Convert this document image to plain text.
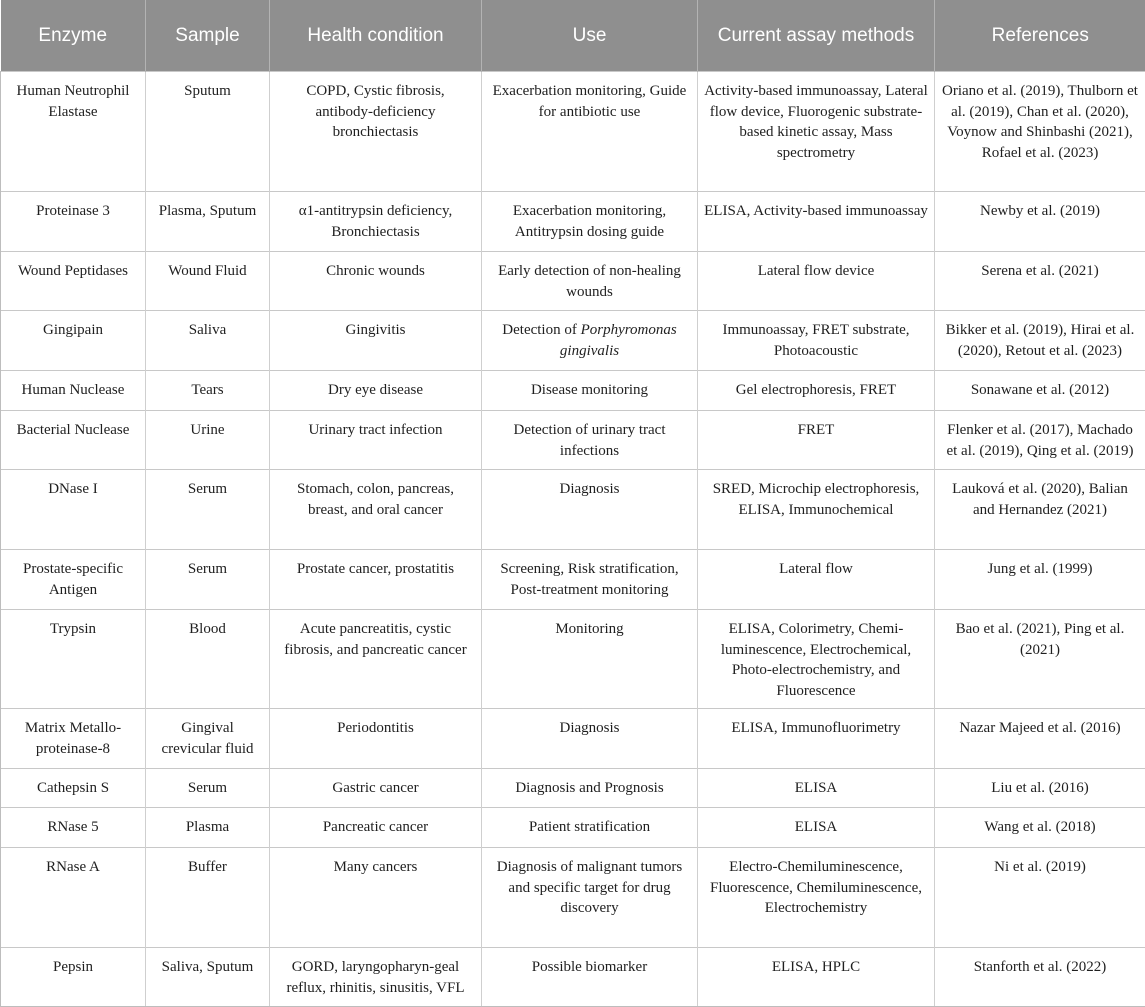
Enzyme	Sample	Health condition	Use	Current assay methods	References
Human Neutrophil Elastase	Sputum	COPD, Cystic fibrosis, antibody-deficiency bronchiectasis	Exacerbation monitoring, Guide for antibiotic use	Activity-based immunoassay, Lateral flow device, Fluorogenic substrate-based kinetic assay, Mass spectrometry	Oriano et al. (2019), Thulborn et al. (2019), Chan et al. (2020), Voynow and Shinbashi (2021), Rofael et al. (2023)
Proteinase 3	Plasma, Sputum	α1-antitrypsin deficiency, Bronchiectasis	Exacerbation monitoring, Antitrypsin dosing guide	ELISA, Activity-based immunoassay	Newby et al. (2019)
Wound Peptidases	Wound Fluid	Chronic wounds	Early detection of non-healing wounds	Lateral flow device	Serena et al. (2021)
Gingipain	Saliva	Gingivitis	Detection of Porphyromonas gingivalis	Immunoassay, FRET substrate, Photoacoustic	Bikker et al. (2019), Hirai et al. (2020), Retout et al. (2023)
Human Nuclease	Tears	Dry eye disease	Disease monitoring	Gel electrophoresis, FRET	Sonawane et al. (2012)
Bacterial Nuclease	Urine	Urinary tract infection	Detection of urinary tract infections	FRET	Flenker et al. (2017), Machado et al. (2019), Qing et al. (2019)
DNase I	Serum	Stomach, colon, pancreas, breast, and oral cancer	Diagnosis	SRED, Microchip electrophoresis, ELISA, Immunochemical	Lauková et al. (2020), Balian and Hernandez (2021)
Prostate-specific Antigen	Serum	Prostate cancer, prostatitis	Screening, Risk stratification, Post-treatment monitoring	Lateral flow	Jung et al. (1999)
Trypsin	Blood	Acute pancreatitis, cystic fibrosis, and pancreatic cancer	Monitoring	ELISA, Colorimetry, Chemi-luminescence, Electrochemical, Photo-electrochemistry, and Fluorescence	Bao et al. (2021), Ping et al. (2021)
Matrix Metallo-proteinase-8	Gingival crevicular fluid	Periodontitis	Diagnosis	ELISA, Immunofluorimetry	Nazar Majeed et al. (2016)
Cathepsin S	Serum	Gastric cancer	Diagnosis and Prognosis	ELISA	Liu et al. (2016)
RNase 5	Plasma	Pancreatic cancer	Patient stratification	ELISA	Wang et al. (2018)
RNase A	Buffer	Many cancers	Diagnosis of malignant tumors and specific target for drug discovery	Electro-Chemiluminescence, Fluorescence, Chemiluminescence, Electrochemistry	Ni et al. (2019)
Pepsin	Saliva, Sputum	GORD, laryngopharyn-geal reflux, rhinitis, sinusitis, VFL	Possible biomarker	ELISA, HPLC	Stanforth et al. (2022)
